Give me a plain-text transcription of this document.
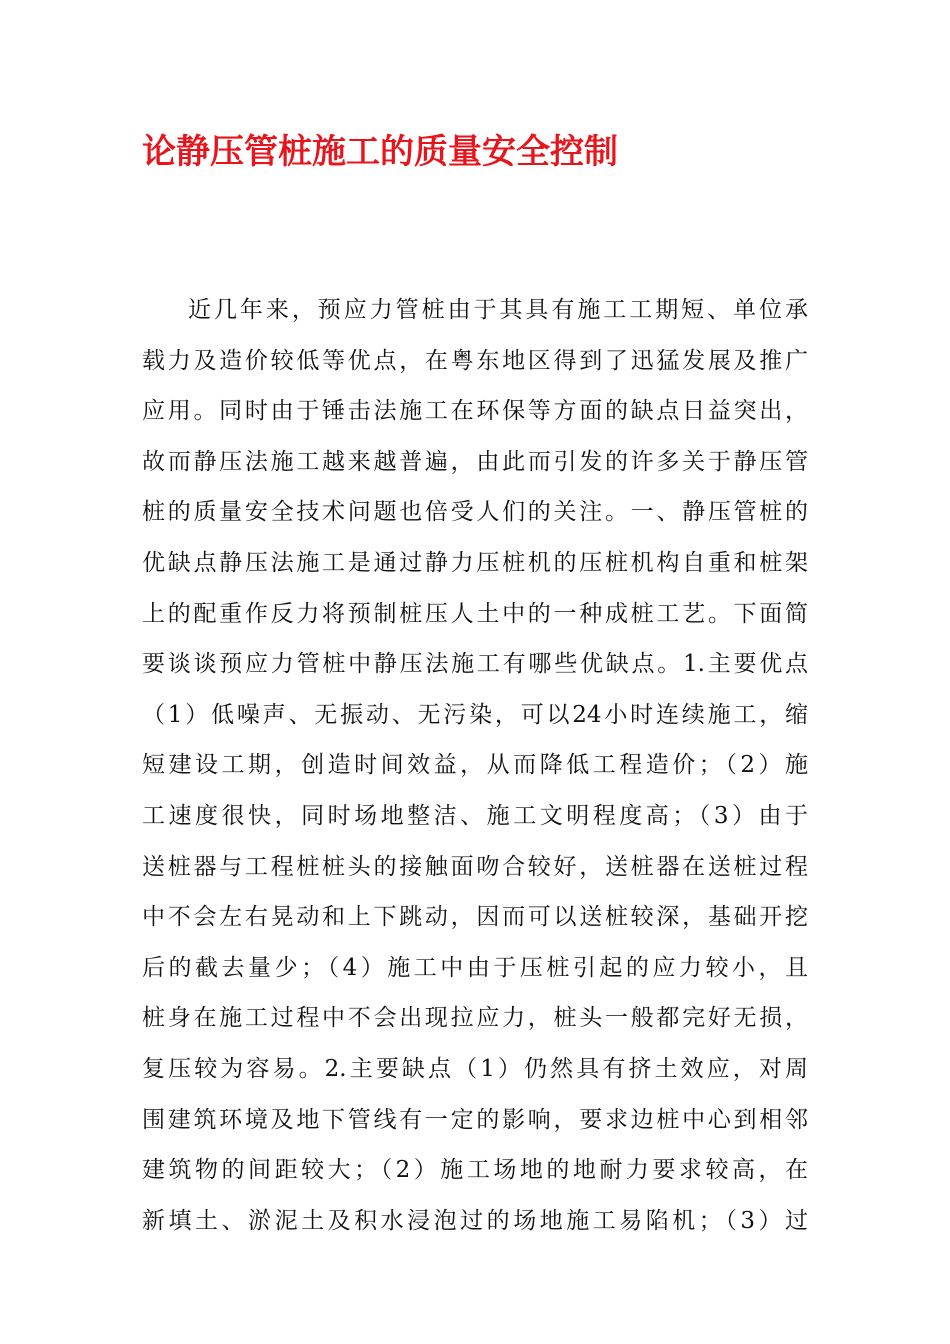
论静压管桩施工的质量安全控制
近几年来，预应力管桩由于其具有施工工期短、单位承
载力及造价较低等优点，在粤东地区得到了迅猛发展及推广
应用。同时由于锤击法施工在环保等方面的缺点日益突出，
故而静压法施工越来越普遍，由此而引发的许多关于静压管
桩的质量安全技术问题也倍受人们的关注。一、静压管桩的
优缺点静压法施工是通过静力压桩机的压桩机构自重和桩架
上的配重作反力将预制桩压人土中的一种成桩工艺。下面简
要谈谈预应力管桩中静压法施工有哪些优缺点。1.主要优点
（1）低噪声、无振动、无污染，可以24小时连续施工，缩
短建设工期，创造时间效益，从而降低工程造价；（2）施
工速度很快，同时场地整洁、施工文明程度高；（3）由于
送桩器与工程桩桩头的接触面吻合较好，送桩器在送桩过程
中不会左右晃动和上下跳动，因而可以送桩较深，基础开挖
后的截去量少；（4）施工中由于压桩引起的应力较小，且
桩身在施工过程中不会出现拉应力，桩头一般都完好无损，
复压较为容易。2.主要缺点（1）仍然具有挤土效应，对周
围建筑环境及地下管线有一定的影响，要求边桩中心到相邻
建筑物的间距较大；（2）施工场地的地耐力要求较高，在
新填土、淤泥土及积水浸泡过的场地施工易陷机；（3）过
